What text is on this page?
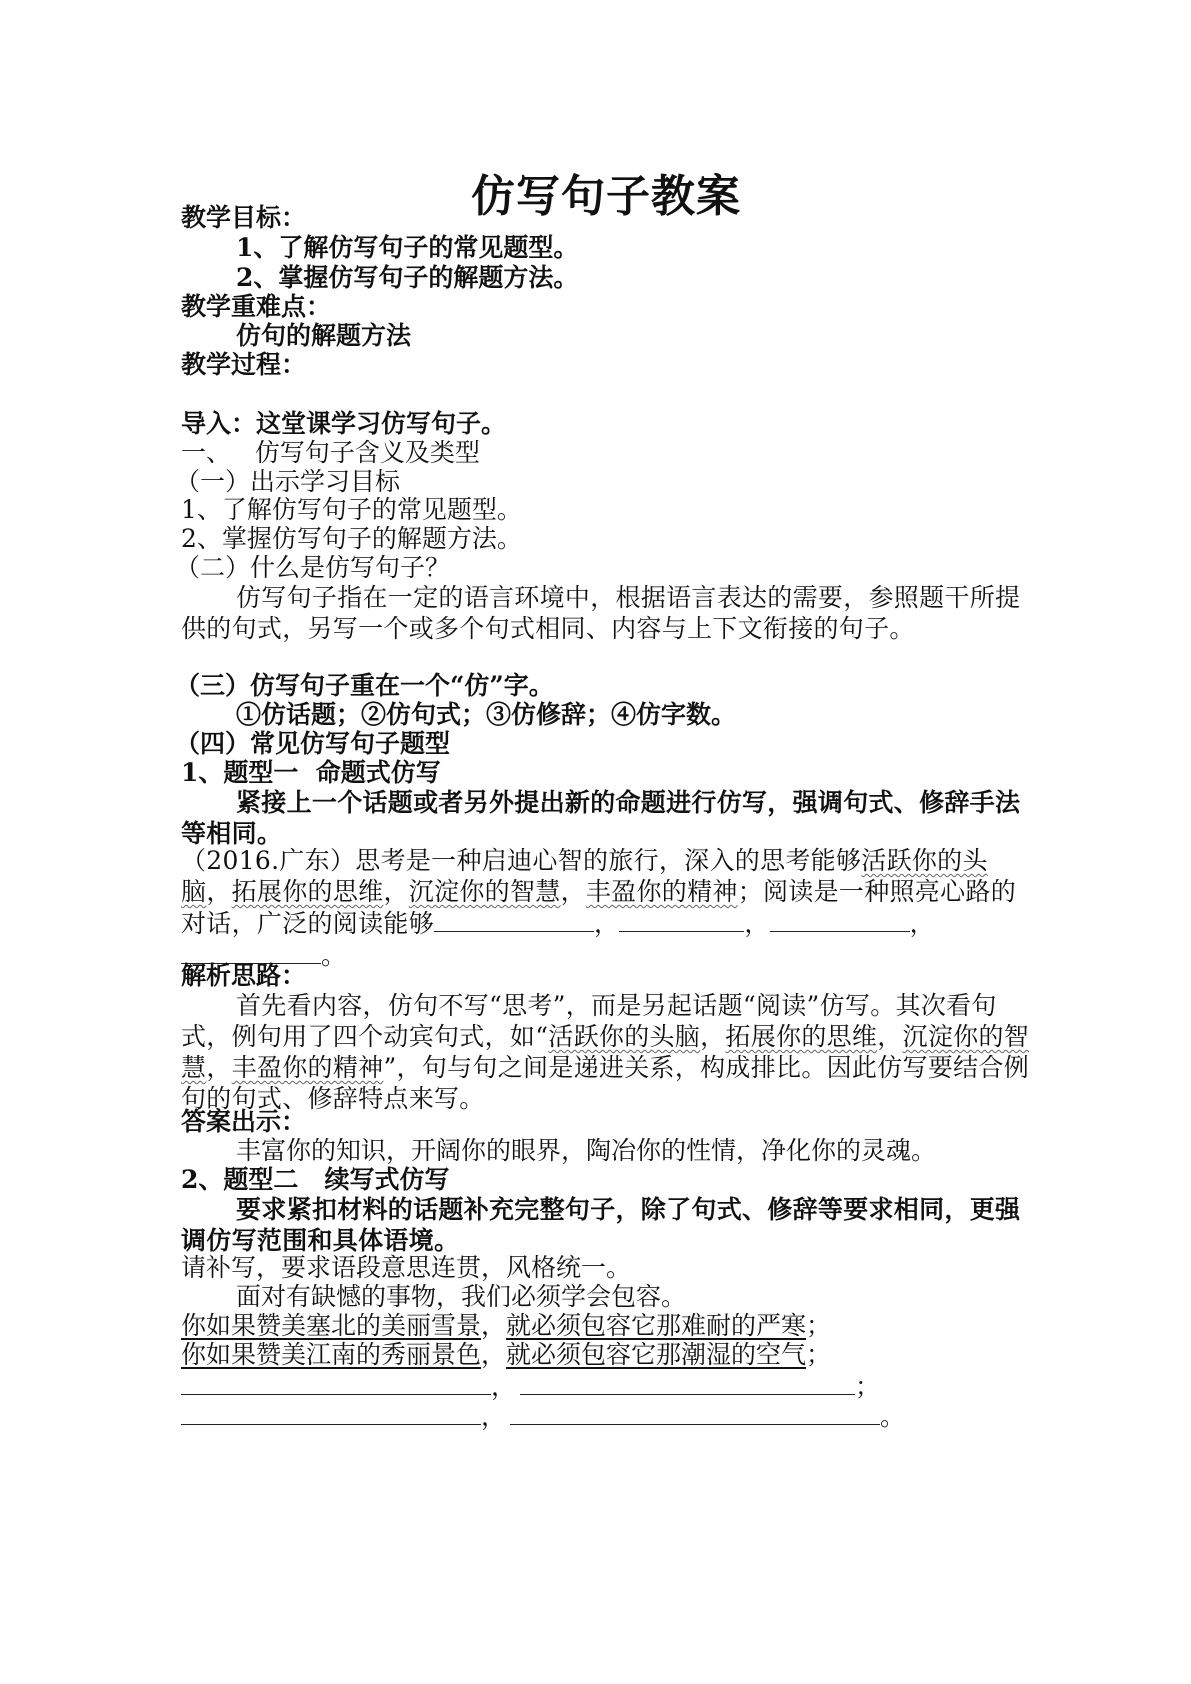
仿写句子教案
教学目标：
1、了解仿写句子的常见题型。
2、掌握仿写句子的解题方法。
教学重难点：
仿句的解题方法
教学过程：
导入：这堂课学习仿写句子。
一、   仿写句子含义及类型
（一）出示学习目标
1、了解仿写句子的常见题型。
2、掌握仿写句子的解题方法。
（二）什么是仿写句子？
仿写句子指在一定的语言环境中，根据语言表达的需要，参照题干所提供的句式，另写一个或多个句式相同、内容与上下文衔接的句子。
（三）仿写句子重在一个“仿”字。
①仿话题；②仿句式；③仿修辞；④仿字数。
（四）常见仿写句子题型
1、题型一  命题式仿写
紧接上一个话题或者另外提出新的命题进行仿写，强调句式、修辞手法等相同。
（2016.广东）思考是一种启迪心智的旅行，深入的思考能够活跃你的头脑，拓展你的思维，沉淀你的智慧，丰盈你的精神；阅读是一种照亮心路的对话，广泛的阅读能够	，	，	，。
解析思路：
首先看内容，仿句不写“思考”，而是另起话题“阅读”仿写。其次看句式，例句用了四个动宾句式，如“活跃你的头脑，拓展你的思维，沉淀你的智慧，丰盈你的精神”，句与句之间是递进关系，构成排比。因此仿写要结合例句的句式、修辞特点来写。
答案出示：
丰富你的知识，开阔你的眼界，陶冶你的性情，净化你的灵魂。
2、题型二   续写式仿写
要求紧扣材料的话题补充完整句子，除了句式、修辞等要求相同，更强调仿写范围和具体语境。
请补写，要求语段意思连贯，风格统一。
面对有缺憾的事物，我们必须学会包容。
你如果赞美塞北的美丽雪景，就必须包容它那难耐的严寒；
你如果赞美江南的秀丽景色，就必须包容它那潮湿的空气；
，	；
，	。
